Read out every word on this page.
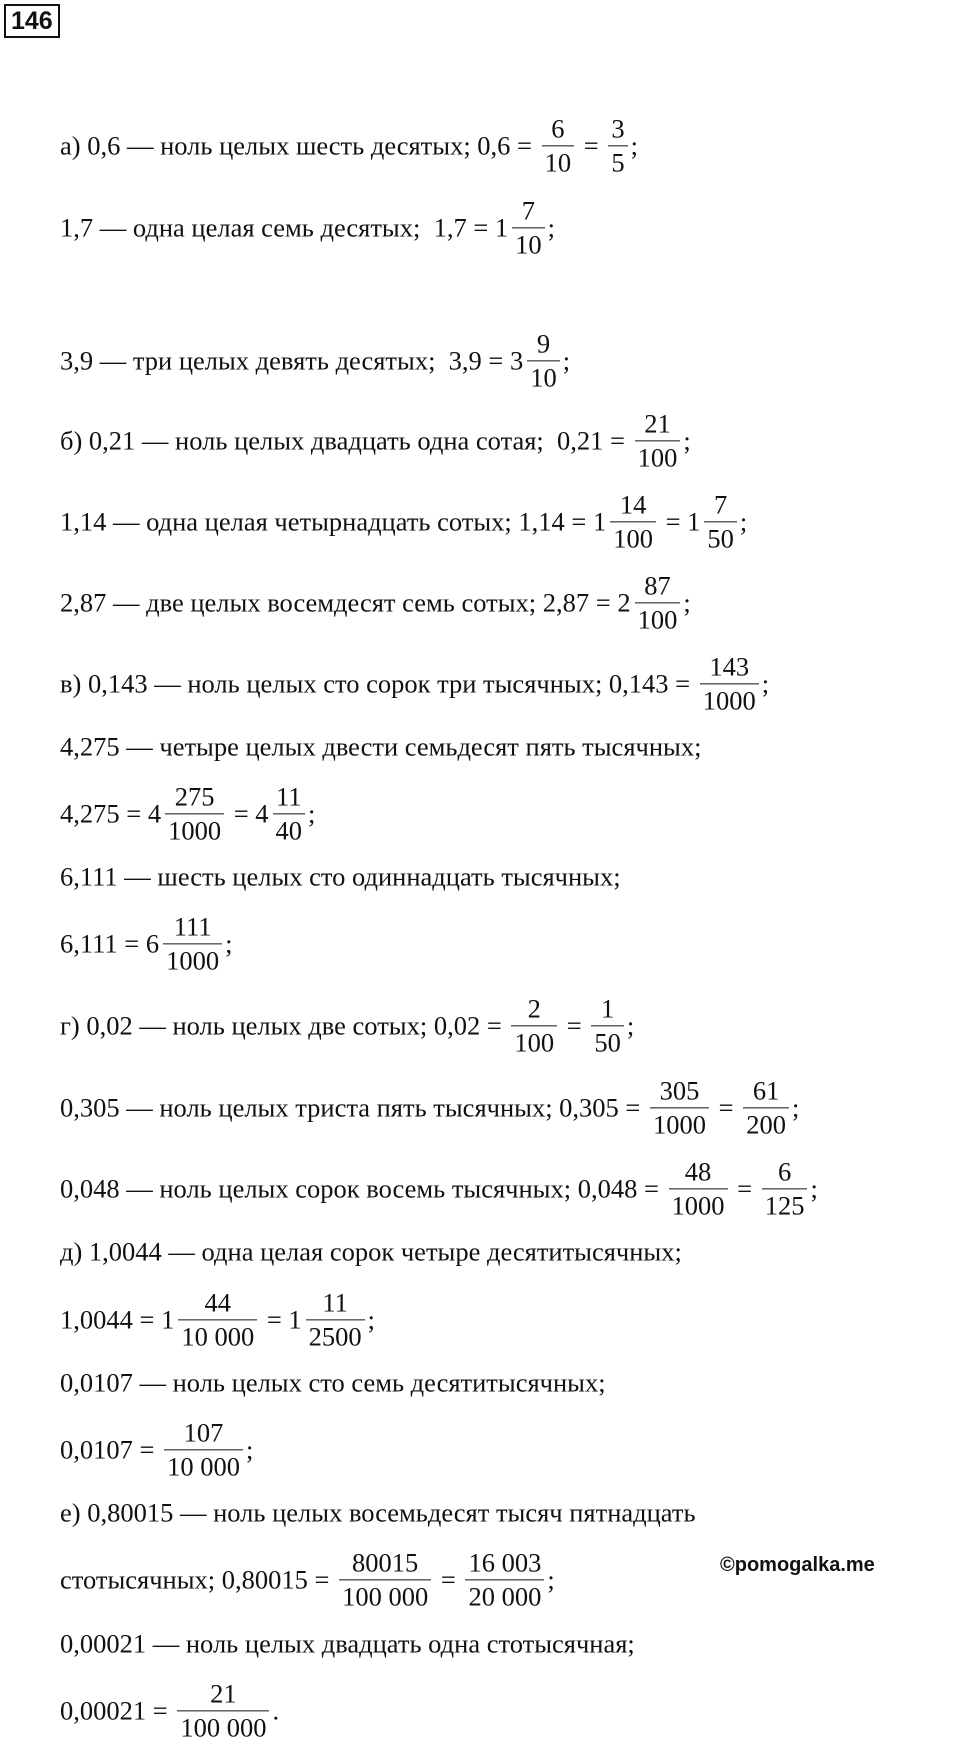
146
а) 0,6 — ноль целых шесть десятых; $0,6 = \frac{6}{10} = \frac{3}{5}$ ;
1,7 — одна целая семь десятых;  $1,7 = 1 \frac{7}{10}$ ;
3,9 — три целых девять десятых;  $3,9 = 3 \frac{9}{10}$ ;
б) 0,21 — ноль целых двадцать одна сотая;  $0,21 = \frac{21}{100}$ ;
1,14 — одна целая четырнадцать сотых; $1,14 = 1 \frac{14}{100} = 1 \frac{7}{50}$ ;
2,87 — две целых восемдесят семь сотых; $2,87 = 2 \frac{87}{100}$ ;
в) 0,143 — ноль целых сто сорок три тысячных; $0,143 = \frac{143}{1000}$ ;
4,275 — четыре целых двести семьдесят пять тысячных;
$4,275 = 4 \frac{275}{1000} = 4 \frac{11}{40}$ ;
6,111 — шесть целых сто одиннадцать тысячных;
$6,111 = 6 \frac{111}{1000}$ ;
г) 0,02 — ноль целых две сотых; $0,02 = \frac{2}{100} = \frac{1}{50}$ ;
0,305 — ноль целых триста пять тысячных; $0,305 = \frac{305}{1000} = \frac{61}{200}$ ;
0,048 — ноль целых сорок восемь тысячных; $0,048 = \frac{48}{1000} = \frac{6}{125}$ ;
д) 1,0044 — одна целая сорок четыре десятитысячных;
$1,0044 = 1 \frac{44}{10 000} = 1 \frac{11}{2500}$ ;
0,0107 — ноль целых сто семь десятитысячных;
$0,0107 = \frac{107}{10 000}$ ;
е) 0,80015 — ноль целых восемьдесят тысяч пятнадцать
стотысячных; $0,80015 = \frac{80015}{100 000} = \frac{16 003}{20 000}$ ;
0,00021 — ноль целых двадцать одна стотысячная;
$0,00021 = \frac{21}{100 000}$ .
©pomogalka.me
